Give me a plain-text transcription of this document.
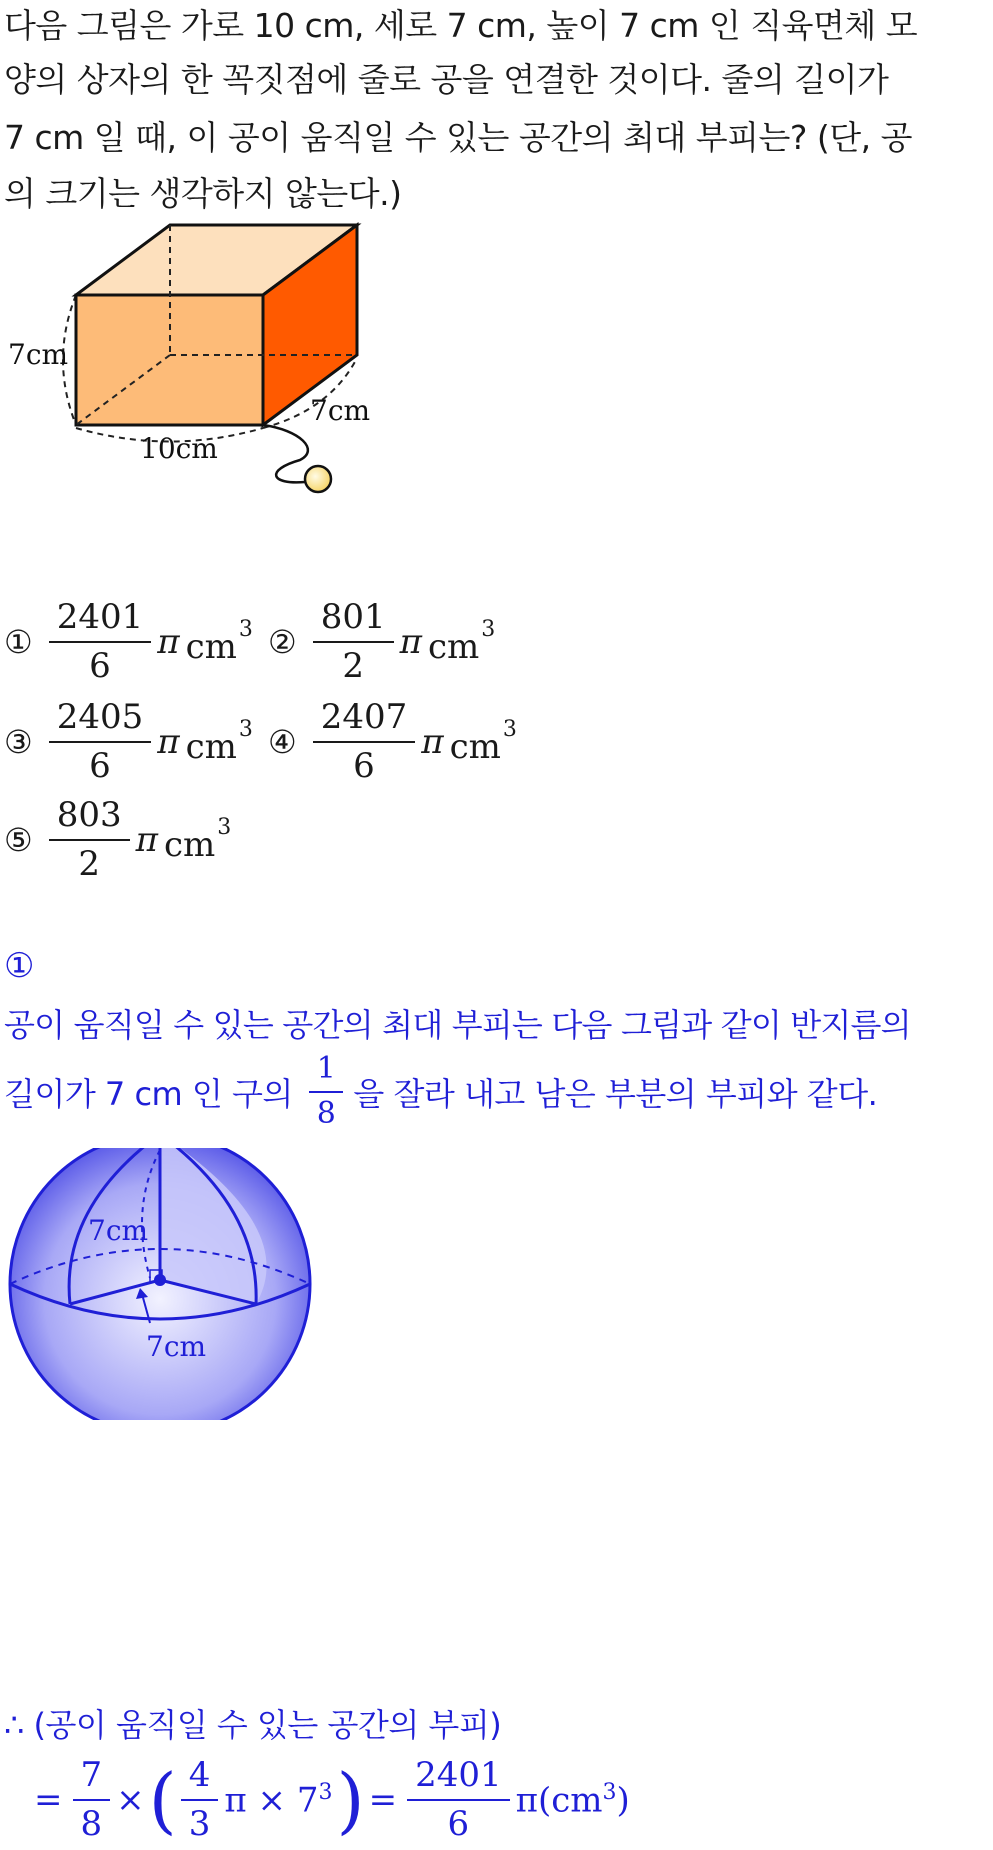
다음 그림은 가로 10 cm, 세로 7 cm, 높이 7 cm 인 직육면체 모
양의 상자의 한 꼭짓점에 줄로 공을 연결한 것이다. 줄의 길이가
7 cm 일 때, 이 공이 움직일 수 있는 공간의 최대 부피는? (단, 공
의 크기는 생각하지 않는다.)
7cm
7cm
10cm
① $\frac{2401}{6}$ π $cm^3$ ② $\frac{801}{2}$ π $cm^3$
③ $\frac{2405}{6}$ π $cm^3$ ④ $\frac{2407}{6}$ π $cm^3$
⑤ $\frac{803}{2}$ π $cm^3$
①
공이 움직일 수 있는 공간의 최대 부피는 다음 그림과 같이 반지름의
길이가 7 cm 인 구의 $\frac{1}{8}$ 을 잘라 내고 남은 부분의 부피와 같다.
7cm
7cm
∴ (공이 움직일 수 있는 공간의 부피)
= $\frac{7}{8}$ × ( $\frac{4}{3}$ $\pi \times 7^3$ ) = $\frac{2401}{6} \pi(cm^3)$
